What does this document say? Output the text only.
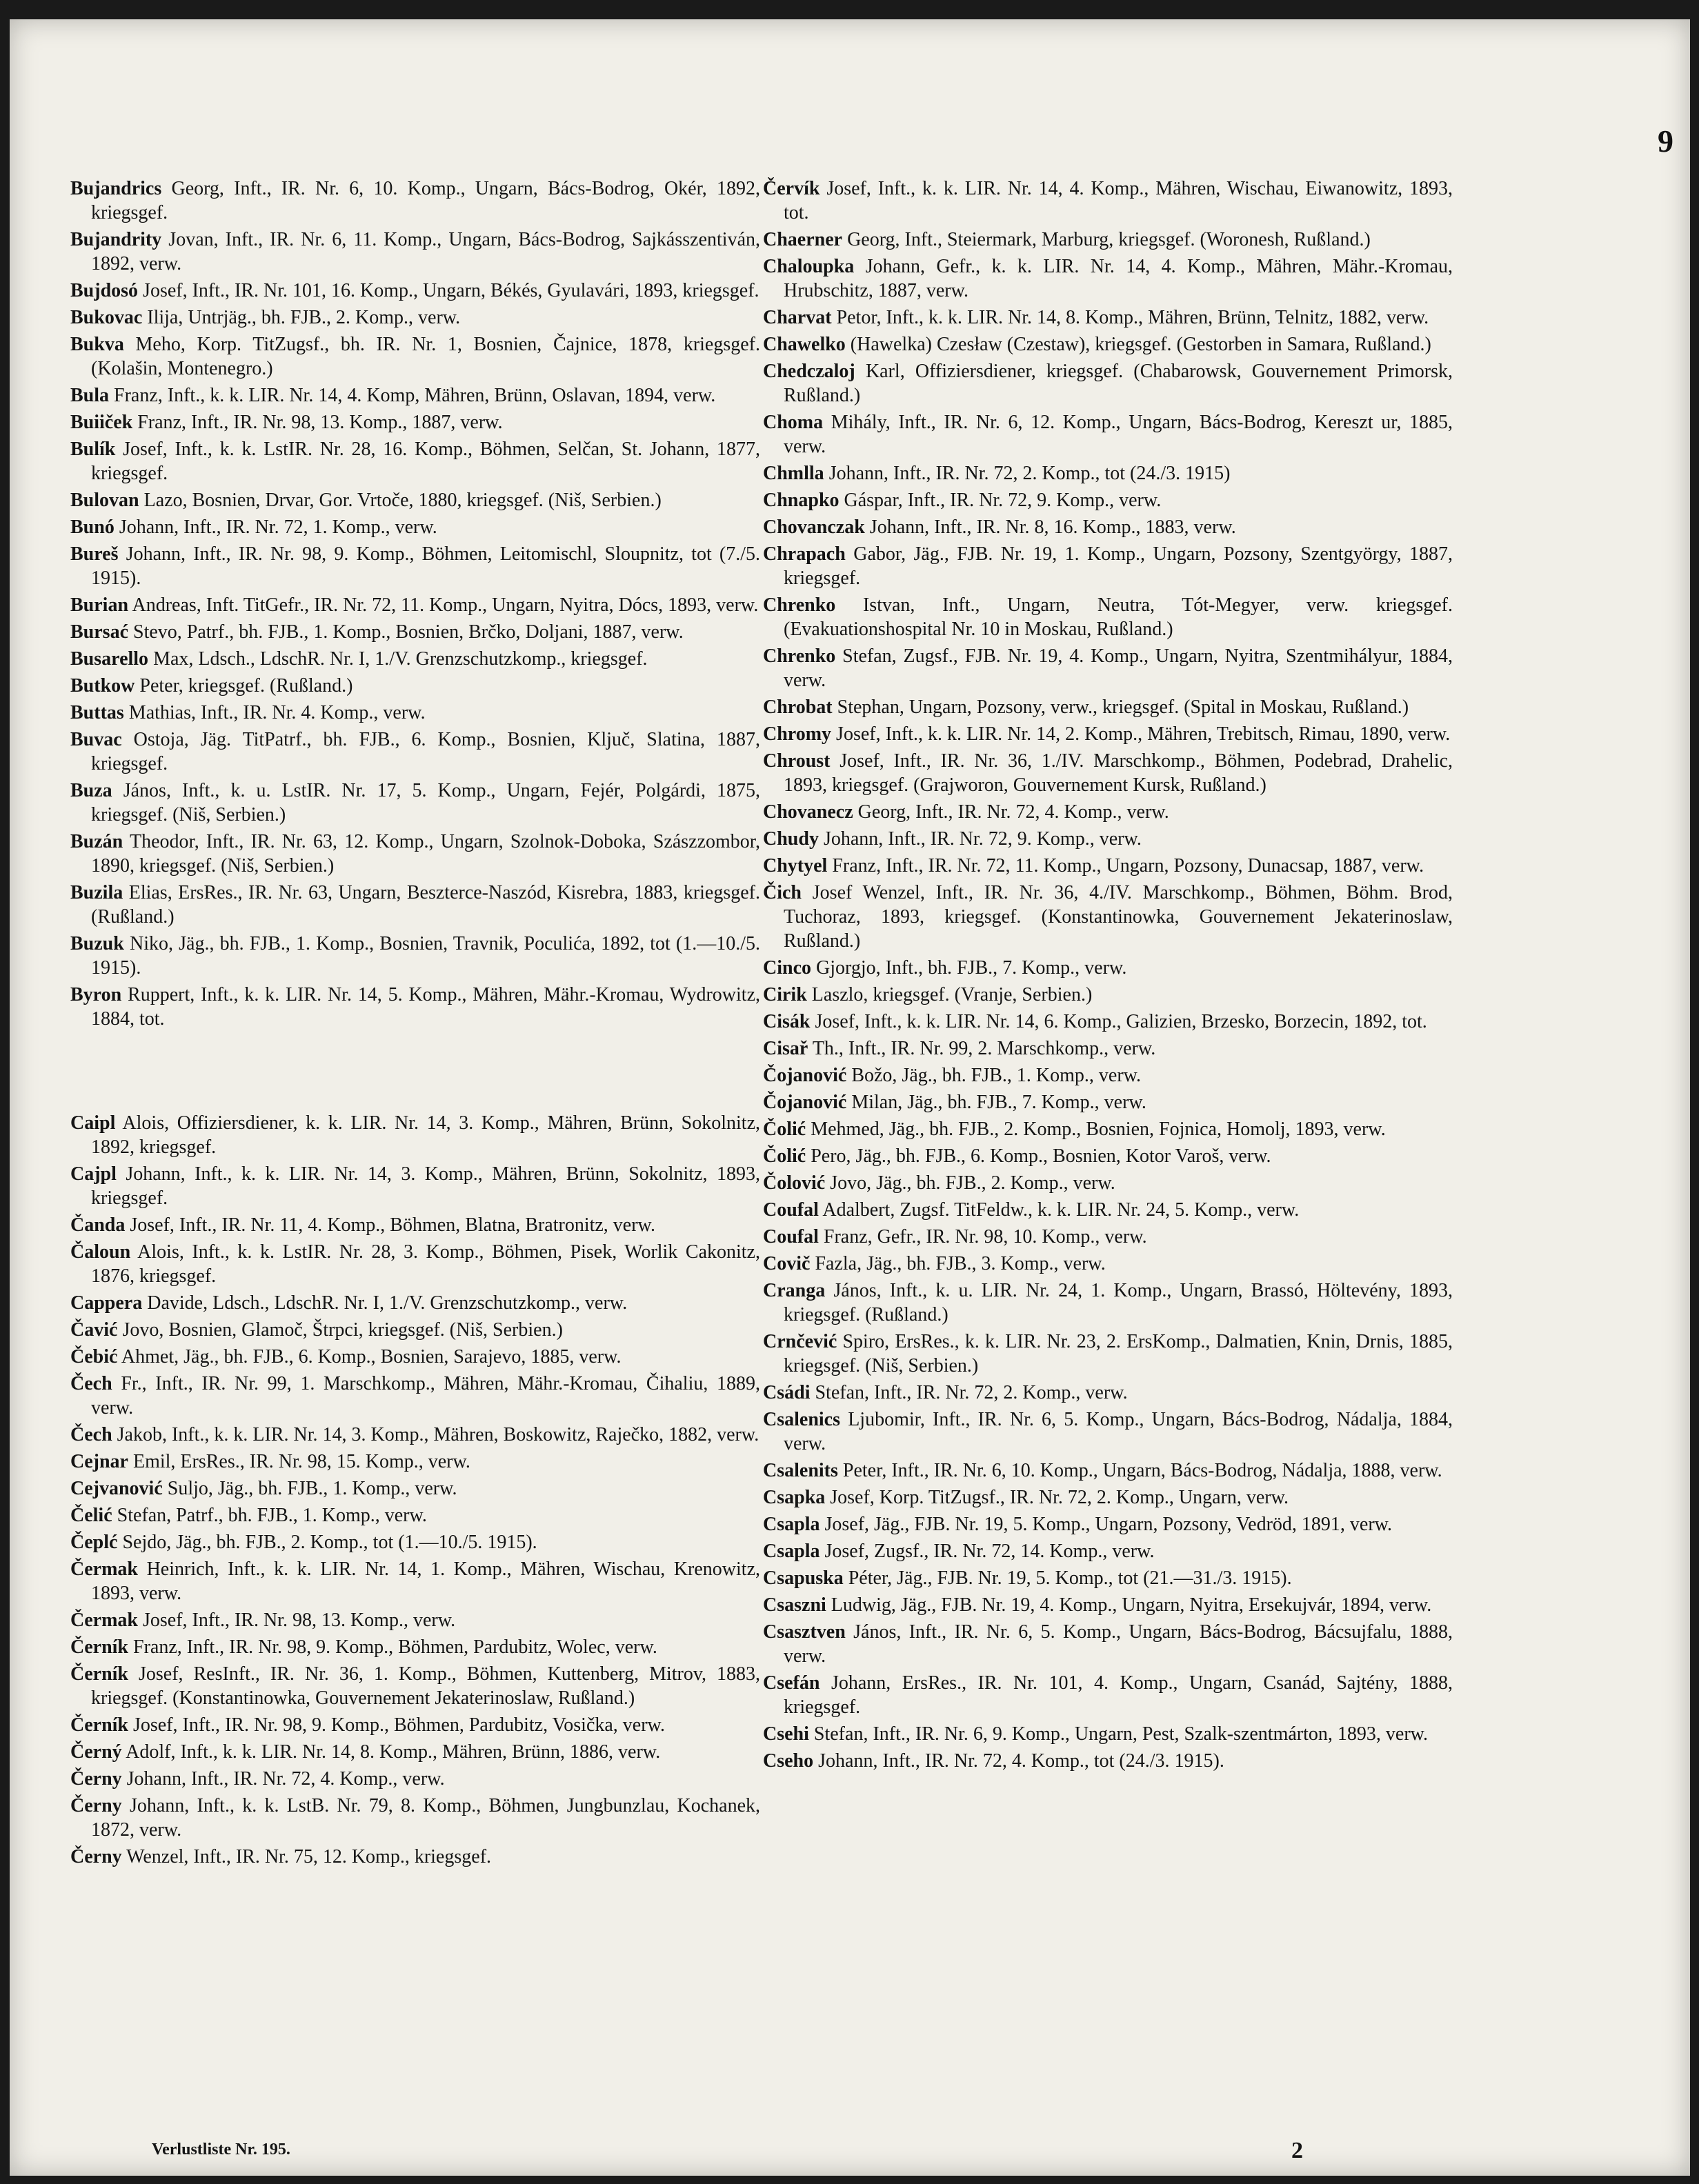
9

Bujandrics Georg, Inft., IR. Nr. 6, 10. Komp., Ungarn, Bács-Bodrog, Okér, 1892, kriegsgef.

Bujandrity Jovan, Inft., IR. Nr. 6, 11. Komp., Ungarn, Bács-Bodrog, Sajkásszentiván, 1892, verw.

Bujdosó Josef, Inft., IR. Nr. 101, 16. Komp., Ungarn, Békés, Gyulavári, 1893, kriegsgef.

Bukovac Ilija, Untrjäg., bh. FJB., 2. Komp., verw.

Bukva Meho, Korp. TitZugsf., bh. IR. Nr. 1, Bosnien, Čajnice, 1878, kriegsgef. (Kolašin, Montenegro.)

Bula Franz, Inft., k. k. LIR. Nr. 14, 4. Komp, Mähren, Brünn, Oslavan, 1894, verw.

Buiiček Franz, Inft., IR. Nr. 98, 13. Komp., 1887, verw.

Bulík Josef, Inft., k. k. LstIR. Nr. 28, 16. Komp., Böhmen, Selčan, St. Johann, 1877, kriegsgef.

Bulovan Lazo, Bosnien, Drvar, Gor. Vrtoče, 1880, kriegsgef. (Niš, Serbien.)

Bunó Johann, Inft., IR. Nr. 72, 1. Komp., verw.

Bureš Johann, Inft., IR. Nr. 98, 9. Komp., Böhmen, Leitomischl, Sloupnitz, tot (7./5. 1915).

Burian Andreas, Inft. TitGefr., IR. Nr. 72, 11. Komp., Ungarn, Nyitra, Dócs, 1893, verw.

Bursać Stevo, Patrf., bh. FJB., 1. Komp., Bosnien, Brčko, Doljani, 1887, verw.

Busarello Max, Ldsch., LdschR. Nr. I, 1./V. Grenzschutzkomp., kriegsgef.

Butkow Peter, kriegsgef. (Rußland.)

Buttas Mathias, Inft., IR. Nr. 4. Komp., verw.

Buvac Ostoja, Jäg. TitPatrf., bh. FJB., 6. Komp., Bosnien, Ključ, Slatina, 1887, kriegsgef.

Buza János, Inft., k. u. LstIR. Nr. 17, 5. Komp., Ungarn, Fejér, Polgárdi, 1875, kriegsgef. (Niš, Serbien.)

Buzán Theodor, Inft., IR. Nr. 63, 12. Komp., Ungarn, Szolnok-Doboka, Szászzombor, 1890, kriegsgef. (Niš, Serbien.)

Buzila Elias, ErsRes., IR. Nr. 63, Ungarn, Beszterce-Naszód, Kisrebra, 1883, kriegsgef. (Rußland.)

Buzuk Niko, Jäg., bh. FJB., 1. Komp., Bosnien, Travnik, Poculića, 1892, tot (1.—10./5. 1915).

Byron Ruppert, Inft., k. k. LIR. Nr. 14, 5. Komp., Mähren, Mähr.-Kromau, Wydrowitz, 1884, tot.

Caipl Alois, Offiziersdiener, k. k. LIR. Nr. 14, 3. Komp., Mähren, Brünn, Sokolnitz, 1892, kriegsgef.

Cajpl Johann, Inft., k. k. LIR. Nr. 14, 3. Komp., Mähren, Brünn, Sokolnitz, 1893, kriegsgef.

Čanda Josef, Inft., IR. Nr. 11, 4. Komp., Böhmen, Blatna, Bratronitz, verw.

Čaloun Alois, Inft., k. k. LstIR. Nr. 28, 3. Komp., Böhmen, Pisek, Worlik Cakonitz, 1876, kriegsgef.

Cappera Davide, Ldsch., LdschR. Nr. I, 1./V. Grenzschutzkomp., verw.

Čavić Jovo, Bosnien, Glamoč, Štrpci, kriegsgef. (Niš, Serbien.)

Čebić Ahmet, Jäg., bh. FJB., 6. Komp., Bosnien, Sarajevo, 1885, verw.

Čech Fr., Inft., IR. Nr. 99, 1. Marschkomp., Mähren, Mähr.-Kromau, Čihaliu, 1889, verw.

Čech Jakob, Inft., k. k. LIR. Nr. 14, 3. Komp., Mähren, Boskowitz, Raječko, 1882, verw.

Cejnar Emil, ErsRes., IR. Nr. 98, 15. Komp., verw.

Cejvanović Suljo, Jäg., bh. FJB., 1. Komp., verw.

Čelić Stefan, Patrf., bh. FJB., 1. Komp., verw.

Čeplć Sejdo, Jäg., bh. FJB., 2. Komp., tot (1.—10./5. 1915).

Čermak Heinrich, Inft., k. k. LIR. Nr. 14, 1. Komp., Mähren, Wischau, Krenowitz, 1893, verw.

Čermak Josef, Inft., IR. Nr. 98, 13. Komp., verw.

Černík Franz, Inft., IR. Nr. 98, 9. Komp., Böhmen, Pardubitz, Wolec, verw.

Černík Josef, ResInft., IR. Nr. 36, 1. Komp., Böhmen, Kuttenberg, Mitrov, 1883, kriegsgef. (Konstantinowka, Gouvernement Jekaterinoslaw, Rußland.)

Černík Josef, Inft., IR. Nr. 98, 9. Komp., Böhmen, Pardubitz, Vosička, verw.

Černý Adolf, Inft., k. k. LIR. Nr. 14, 8. Komp., Mähren, Brünn, 1886, verw.

Černy Johann, Inft., IR. Nr. 72, 4. Komp., verw.

Černy Johann, Inft., k. k. LstB. Nr. 79, 8. Komp., Böhmen, Jungbunzlau, Kochanek, 1872, verw.

Černy Wenzel, Inft., IR. Nr. 75, 12. Komp., kriegsgef.

Červík Josef, Inft., k. k. LIR. Nr. 14, 4. Komp., Mähren, Wischau, Eiwanowitz, 1893, tot.

Chaerner Georg, Inft., Steiermark, Marburg, kriegsgef. (Woronesh, Rußland.)

Chaloupka Johann, Gefr., k. k. LIR. Nr. 14, 4. Komp., Mähren, Mähr.-Kromau, Hrubschitz, 1887, verw.

Charvat Petor, Inft., k. k. LIR. Nr. 14, 8. Komp., Mähren, Brünn, Telnitz, 1882, verw.

Chawelko (Hawelka) Czesław (Czestaw), kriegsgef. (Gestorben in Samara, Rußland.)

Chedczaloj Karl, Offiziersdiener, kriegsgef. (Chabarowsk, Gouvernement Primorsk, Rußland.)

Choma Mihály, Inft., IR. Nr. 6, 12. Komp., Ungarn, Bács-Bodrog, Kereszt ur, 1885, verw.

Chmlla Johann, Inft., IR. Nr. 72, 2. Komp., tot (24./3. 1915)

Chnapko Gáspar, Inft., IR. Nr. 72, 9. Komp., verw.

Chovanczak Johann, Inft., IR. Nr. 8, 16. Komp., 1883, verw.

Chrapach Gabor, Jäg., FJB. Nr. 19, 1. Komp., Ungarn, Pozsony, Szentgyörgy, 1887, kriegsgef.

Chrenko Istvan, Inft., Ungarn, Neutra, Tót-Megyer, verw. kriegsgef. (Evakuationshospital Nr. 10 in Moskau, Rußland.)

Chrenko Stefan, Zugsf., FJB. Nr. 19, 4. Komp., Ungarn, Nyitra, Szentmihályur, 1884, verw.

Chrobat Stephan, Ungarn, Pozsony, verw., kriegsgef. (Spital in Moskau, Rußland.)

Chromy Josef, Inft., k. k. LIR. Nr. 14, 2. Komp., Mähren, Trebitsch, Rimau, 1890, verw.

Chroust Josef, Inft., IR. Nr. 36, 1./IV. Marschkomp., Böhmen, Podebrad, Drahelic, 1893, kriegsgef. (Grajworon, Gouvernement Kursk, Rußland.)

Chovanecz Georg, Inft., IR. Nr. 72, 4. Komp., verw.

Chudy Johann, Inft., IR. Nr. 72, 9. Komp., verw.

Chytyel Franz, Inft., IR. Nr. 72, 11. Komp., Ungarn, Pozsony, Dunacsap, 1887, verw.

Čich Josef Wenzel, Inft., IR. Nr. 36, 4./IV. Marschkomp., Böhmen, Böhm. Brod, Tuchoraz, 1893, kriegsgef. (Konstantinowka, Gouvernement Jekaterinoslaw, Rußland.)

Cinco Gjorgjo, Inft., bh. FJB., 7. Komp., verw.

Cirik Laszlo, kriegsgef. (Vranje, Serbien.)

Cisák Josef, Inft., k. k. LIR. Nr. 14, 6. Komp., Galizien, Brzesko, Borzecin, 1892, tot.

Cisař Th., Inft., IR. Nr. 99, 2. Marschkomp., verw.

Čojanović Božo, Jäg., bh. FJB., 1. Komp., verw.

Čojanović Milan, Jäg., bh. FJB., 7. Komp., verw.

Čolić Mehmed, Jäg., bh. FJB., 2. Komp., Bosnien, Fojnica, Homolj, 1893, verw.

Čolić Pero, Jäg., bh. FJB., 6. Komp., Bosnien, Kotor Varoš, verw.

Čolović Jovo, Jäg., bh. FJB., 2. Komp., verw.

Coufal Adalbert, Zugsf. TitFeldw., k. k. LIR. Nr. 24, 5. Komp., verw.

Coufal Franz, Gefr., IR. Nr. 98, 10. Komp., verw.

Covič Fazla, Jäg., bh. FJB., 3. Komp., verw.

Cranga János, Inft., k. u. LIR. Nr. 24, 1. Komp., Ungarn, Brassó, Höltevény, 1893, kriegsgef. (Rußland.)

Crnčević Spiro, ErsRes., k. k. LIR. Nr. 23, 2. ErsKomp., Dalmatien, Knin, Drnis, 1885, kriegsgef. (Niš, Serbien.)

Csádi Stefan, Inft., IR. Nr. 72, 2. Komp., verw.

Csalenics Ljubomir, Inft., IR. Nr. 6, 5. Komp., Ungarn, Bács-Bodrog, Nádalja, 1884, verw.

Csalenits Peter, Inft., IR. Nr. 6, 10. Komp., Ungarn, Bács-Bodrog, Nádalja, 1888, verw.

Csapka Josef, Korp. TitZugsf., IR. Nr. 72, 2. Komp., Ungarn, verw.

Csapla Josef, Jäg., FJB. Nr. 19, 5. Komp., Ungarn, Pozsony, Vedröd, 1891, verw.

Csapla Josef, Zugsf., IR. Nr. 72, 14. Komp., verw.

Csapuska Péter, Jäg., FJB. Nr. 19, 5. Komp., tot (21.—31./3. 1915).

Csaszni Ludwig, Jäg., FJB. Nr. 19, 4. Komp., Ungarn, Nyitra, Ersekujvár, 1894, verw.

Csasztven János, Inft., IR. Nr. 6, 5. Komp., Ungarn, Bács-Bodrog, Bácsujfalu, 1888, verw.

Csefán Johann, ErsRes., IR. Nr. 101, 4. Komp., Ungarn, Csanád, Sajtény, 1888, kriegsgef.

Csehi Stefan, Inft., IR. Nr. 6, 9. Komp., Ungarn, Pest, Szalk-szentmárton, 1893, verw.

Cseho Johann, Inft., IR. Nr. 72, 4. Komp., tot (24./3. 1915).

Verlustliste Nr. 195.	2
